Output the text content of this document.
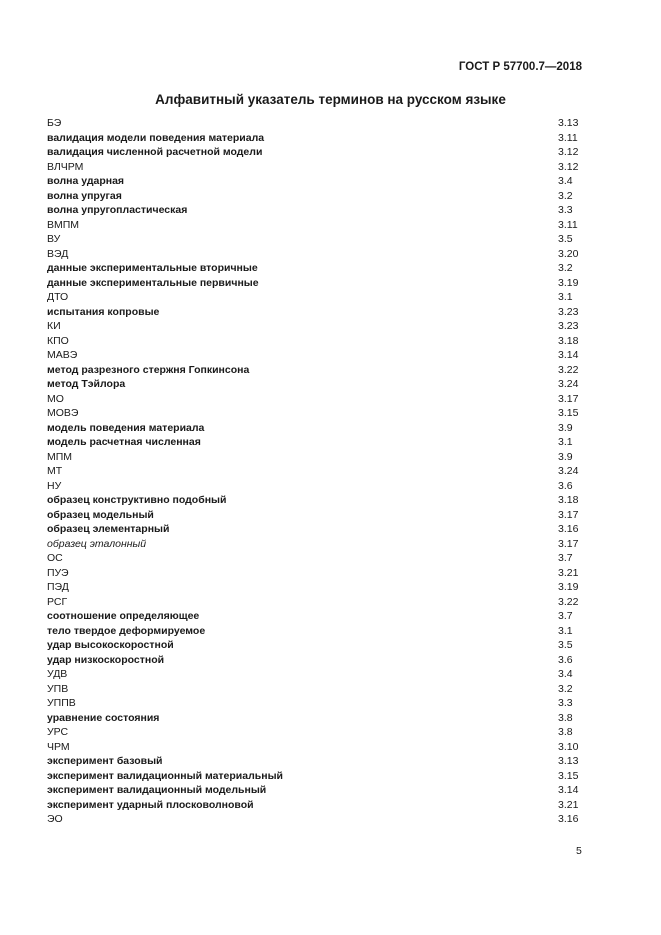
ГОСТ Р 57700.7—2018
Алфавитный указатель терминов на русском языке
БЭ	3.13
валидация модели поведения материала	3.11
валидация численной расчетной модели	3.12
ВЛЧРМ	3.12
волна ударная	3.4
волна упругая	3.2
волна упругопластическая	3.3
ВМПМ	3.11
ВУ	3.5
ВЭД	3.20
данные экспериментальные вторичные	3.2
данные экспериментальные первичные	3.19
ДТО	3.1
испытания копровые	3.23
КИ	3.23
КПО	3.18
МАВЭ	3.14
метод разрезного стержня Гопкинсона	3.22
метод Тэйлора	3.24
МО	3.17
МОВЭ	3.15
модель поведения материала	3.9
модель расчетная численная	3.1
МПМ	3.9
МТ	3.24
НУ	3.6
образец конструктивно подобный	3.18
образец модельный	3.17
образец элементарный	3.16
образец эталонный	3.17
ОС	3.7
ПУЭ	3.21
ПЭД	3.19
РСГ	3.22
соотношение определяющее	3.7
тело твердое деформируемое	3.1
удар высокоскоростной	3.5
удар низкоскоростной	3.6
УДВ	3.4
УПВ	3.2
УППВ	3.3
уравнение состояния	3.8
УРС	3.8
ЧРМ	3.10
эксперимент базовый	3.13
эксперимент валидационный материальный	3.15
эксперимент валидационный модельный	3.14
эксперимент ударный плосковолновой	3.21
ЭО	3.16
5
